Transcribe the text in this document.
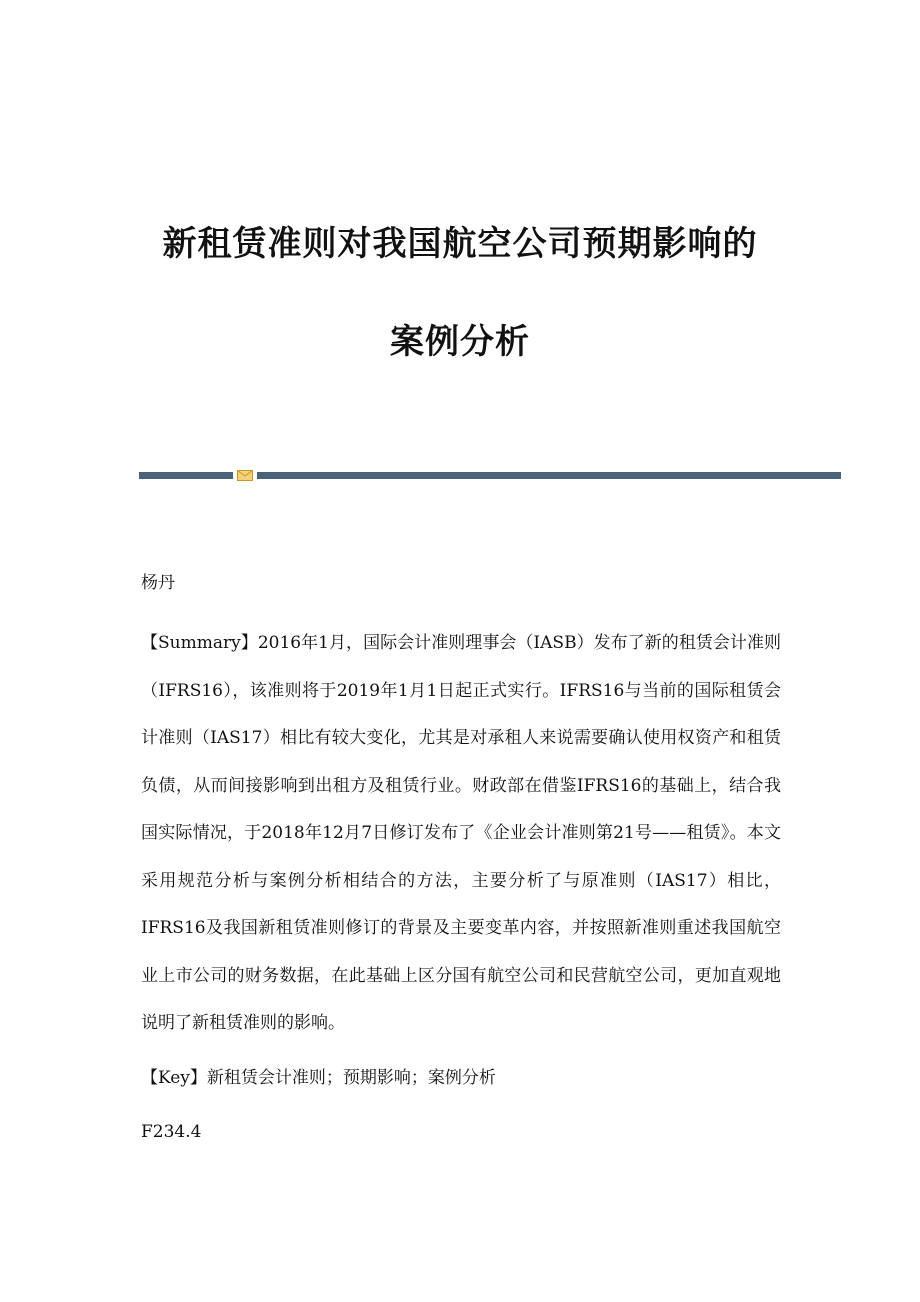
新租赁准则对我国航空公司预期影响的
案例分析
杨丹
【Summary】2016年1月，国际会计准则理事会（IASB）发布了新的租赁会计准则（IFRS16），该准则将于2019年1月1日起正式实行。IFRS16与当前的国际租赁会计准则（IAS17）相比有较大变化，尤其是对承租人来说需要确认使用权资产和租赁负债，从而间接影响到出租方及租赁行业。财政部在借鉴IFRS16的基础上，结合我国实际情况，于2018年12月7日修订发布了《企业会计准则第21号——租赁》。本文采用规范分析与案例分析相结合的方法，主要分析了与原准则（IAS17）相比，IFRS16及我国新租赁准则修订的背景及主要变革内容，并按照新准则重述我国航空业上市公司的财务数据，在此基础上区分国有航空公司和民营航空公司，更加直观地说明了新租赁准则的影响。
【Key】新租赁会计准则；预期影响；案例分析
F234.4
